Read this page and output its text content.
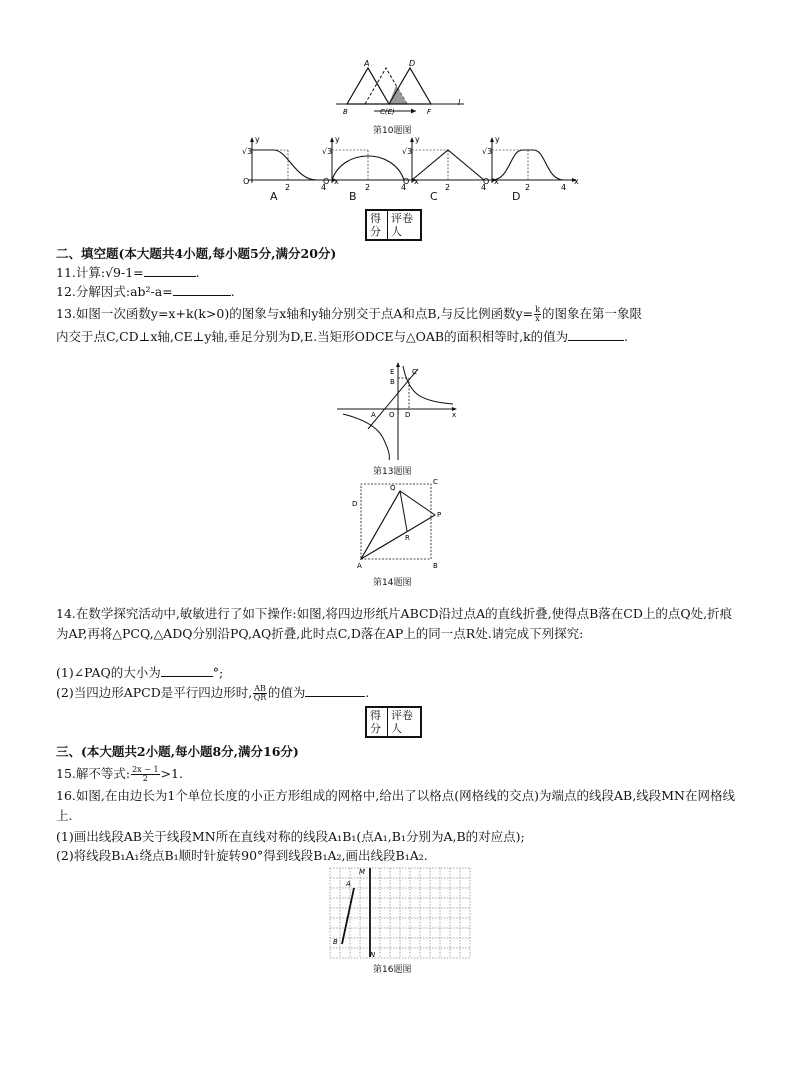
A	D
B	C(E)	F
l
第10题图
√3
O
2	4
x
y
√3
O
2	4
x
y
√3
O
2	4
x
y
√3
O
2	4
x
y
A	B	C	D
得分
评卷人
二、填空题(本大题共4小题,每小题5分,满分20分)
11.计算:√9-1=	.
12.分解因式:ab²-a=	.
13.如图一次函数y=x+k(k>0)的图象与x轴和y轴分别交于点A和点B,与反比例函数$y= \frac{k}{x}$ 的图象在第一象限
内交于点C,CD⊥x轴,CE⊥y轴,垂足分别为D,E.当矩形ODCE与△OAB的面积相等时,k的值为	.
E
B
C
A O D	x
第13题图
D
Q
C
P
R
A	B
第14题图
14.在数学探究活动中,敏敏进行了如下操作:如图,将四边形纸片ABCD沿过点A的直线折叠,使得点B落在CD上的点Q处,折痕为AP,再将△PCQ,△ADQ分别沿PQ,AQ折叠,此时点C,D落在AP上的同一点R处.请完成下列探究:
(1)∠PAQ的大小为	°;
(2)当四边形APCD是平行四边形时, $\frac{AB}{QR}$ 的值为	.
得分
评卷人
三、(本大题共2小题,每小题8分,满分16分)
15.解不等式: $\frac{2x - 1}{2} >1$.
16.如图,在由边长为1个单位长度的小正方形组成的网格中,给出了以格点(网格线的交点)为端点的线段AB,线段MN在网格线上.
(1)画出线段AB关于线段MN所在直线对称的线段A₁B₁(点A₁,B₁分别为A,B的对应点);
(2)将线段B₁A₁绕点B₁顺时针旋转90°得到线段B₁A₂,画出线段B₁A₂.
M
A
B
N
第16题图
